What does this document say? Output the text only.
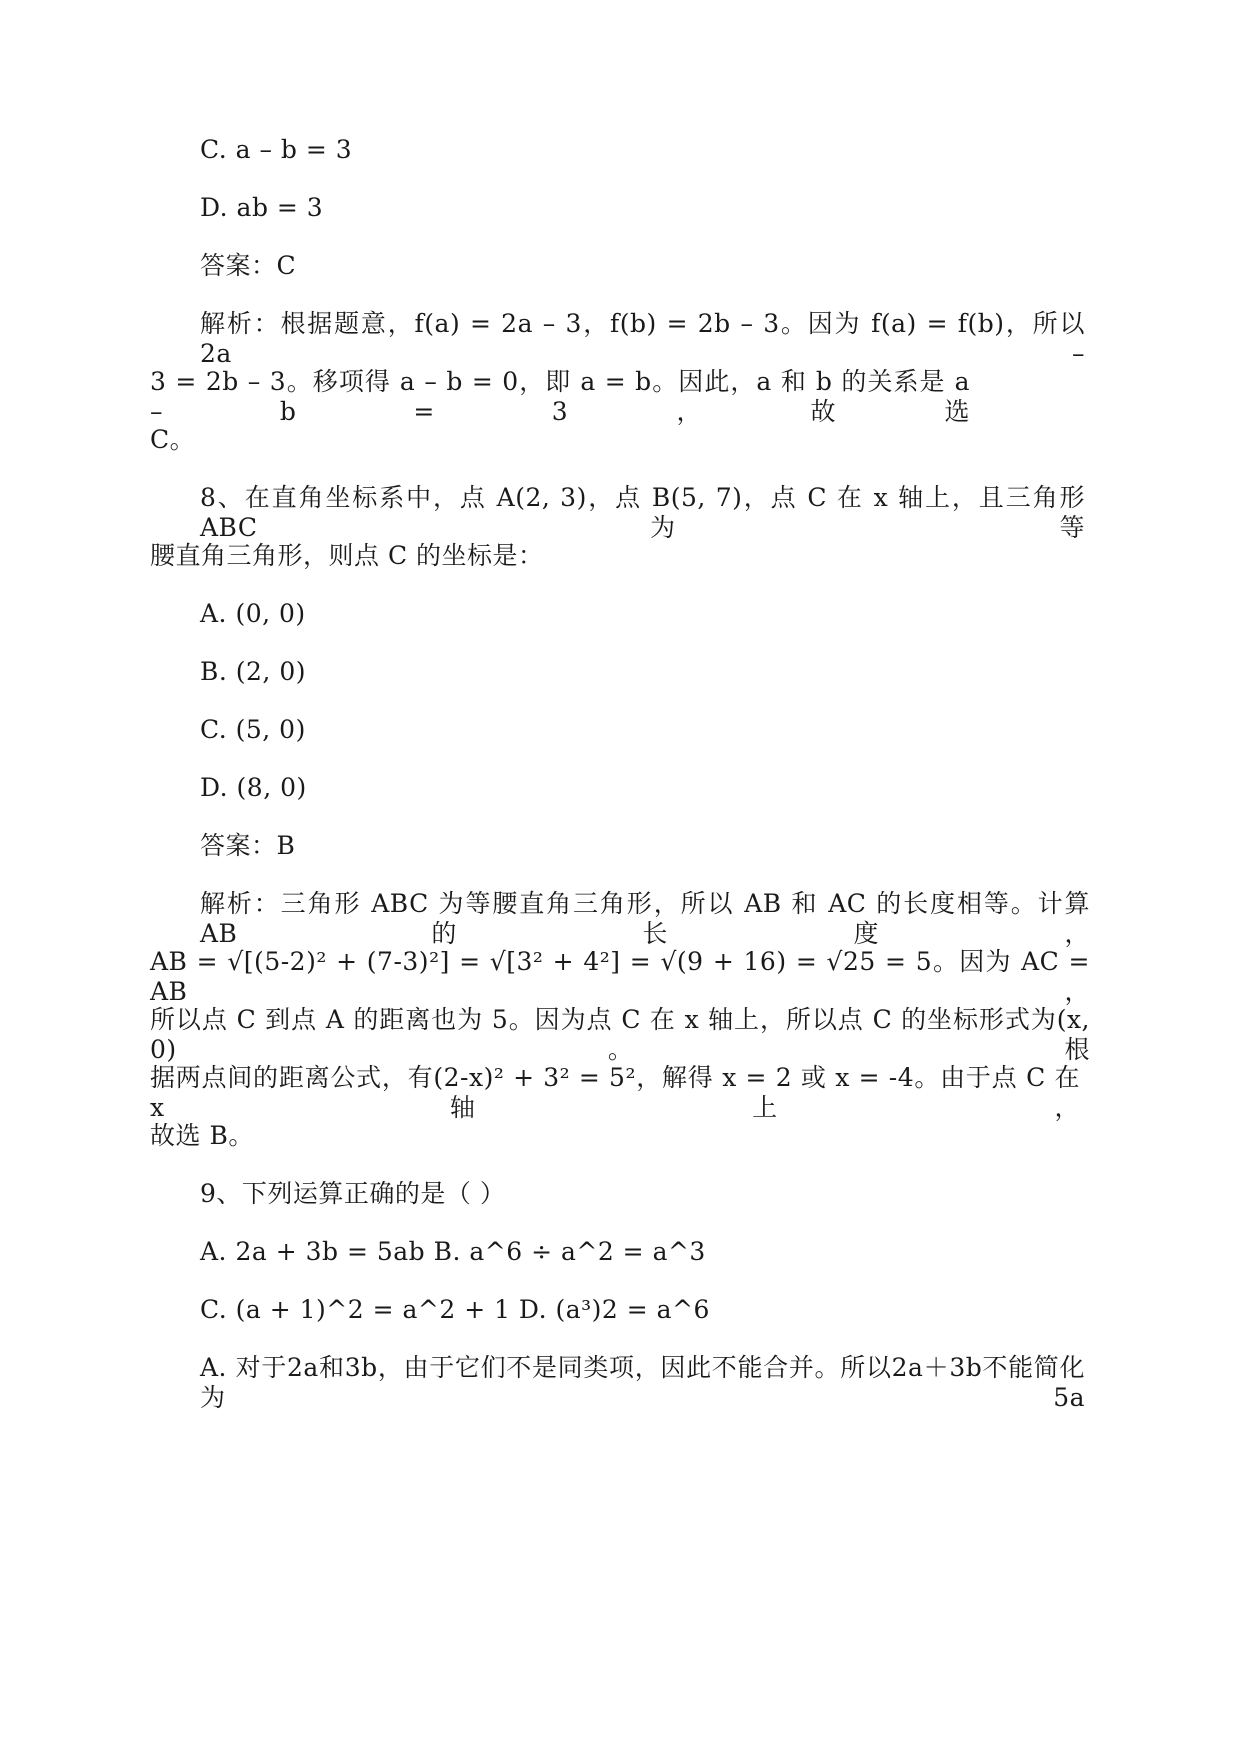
C. a – b = 3
D. ab = 3
答案：C
解析：根据题意，f(a) = 2a – 3，f(b) = 2b – 3。因为 f(a) = f(b)，所以 2a –
3 = 2b – 3。移项得 a – b = 0，即 a = b。因此，a 和 b 的关系是 a – b = 3，故选
C。
8、在直角坐标系中，点 A(2, 3)，点 B(5, 7)，点 C 在 x 轴上，且三角形 ABC 为等
腰直角三角形，则点 C 的坐标是：
A. (0, 0)
B. (2, 0)
C. (5, 0)
D. (8, 0)
答案：B
解析：三角形 ABC 为等腰直角三角形，所以 AB 和 AC 的长度相等。计算 AB 的长度，
AB = √[(5-2)² + (7-3)²] = √[3² + 4²] = √(9 + 16) = √25 = 5。因为 AC = AB，
所以点 C 到点 A 的距离也为 5。因为点 C 在 x 轴上，所以点 C 的坐标形式为(x, 0)。根
据两点间的距离公式，有(2-x)² + 3² = 5²，解得 x = 2 或 x = -4。由于点 C 在 x 轴上，
故选 B。
9、下列运算正确的是（ ）
A. 2a + 3b = 5ab B. a^6 ÷ a^2 = a^3
C. (a + 1)^2 = a^2 + 1 D. (a³)2 = a^6
A. 对于2a和3b，由于它们不是同类项，因此不能合并。所以2a＋3b不能简化为5a
